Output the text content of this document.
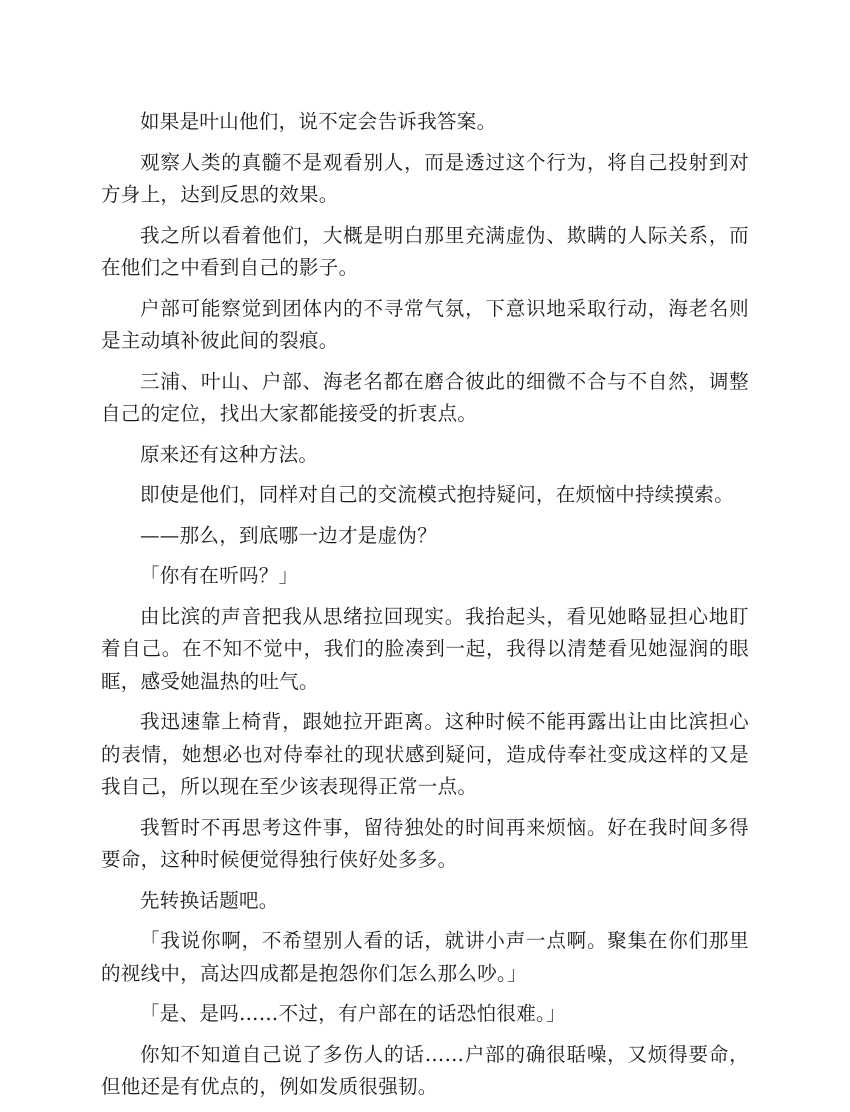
如果是叶山他们，说不定会告诉我答案。

观察人类的真髓不是观看别人，而是透过这个行为，将自己投射到对方身上，达到反思的效果。

我之所以看着他们，大概是明白那里充满虚伪、欺瞒的人际关系，而在他们之中看到自己的影子。

户部可能察觉到团体内的不寻常气氛，下意识地采取行动，海老名则是主动填补彼此间的裂痕。

三浦、叶山、户部、海老名都在磨合彼此的细微不合与不自然，调整自己的定位，找出大家都能接受的折衷点。

原来还有这种方法。

即使是他们，同样对自己的交流模式抱持疑问，在烦恼中持续摸索。

——那么，到底哪一边才是虚伪？

「你有在听吗？」

由比滨的声音把我从思绪拉回现实。我抬起头，看见她略显担心地盯着自己。在不知不觉中，我们的脸凑到一起，我得以清楚看见她湿润的眼眶，感受她温热的吐气。

我迅速靠上椅背，跟她拉开距离。这种时候不能再露出让由比滨担心的表情，她想必也对侍奉社的现状感到疑问，造成侍奉社变成这样的又是我自己，所以现在至少该表现得正常一点。

我暂时不再思考这件事，留待独处的时间再来烦恼。好在我时间多得要命，这种时候便觉得独行侠好处多多。

先转换话题吧。

「我说你啊，不希望别人看的话，就讲小声一点啊。聚集在你们那里的视线中，高达四成都是抱怨你们怎么那么吵。」

「是、是吗……不过，有户部在的话恐怕很难。」

你知不知道自己说了多伤人的话……户部的确很聒噪，又烦得要命，但他还是有优点的，例如发质很强韧。
